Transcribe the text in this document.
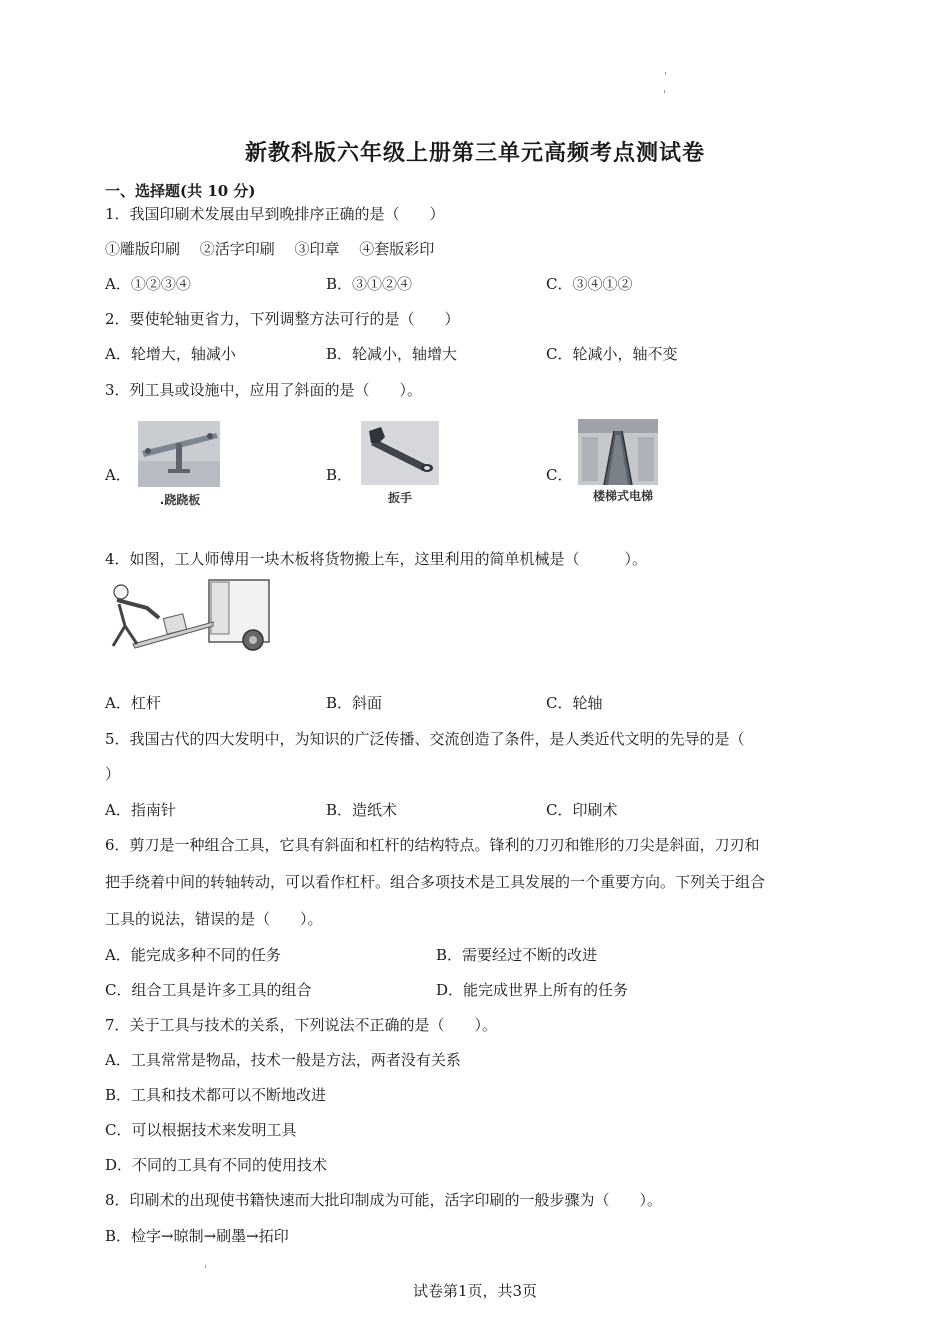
新教科版六年级上册第三单元高频考点测试卷
一、选择题(共 10 分)
1．我国印刷术发展由早到晚排序正确的是（　　）
①雕版印刷　 ②活字印刷　 ③印章　 ④套版彩印
A．①②③④	B．③①②④	C．③④①②
2．要使轮轴更省力，下列调整方法可行的是（　　）
A．轮增大，轴减小	B．轮减小，轴增大	C．轮减小，轴不变
3．列工具或设施中，应用了斜面的是（　　）。
A．
.跷跷板
B．
扳手
C．
楼梯式电梯
4．如图，工人师傅用一块木板将货物搬上车，这里利用的简单机械是（　　　）。
A．杠杆	B．斜面	C．轮轴
5．我国古代的四大发明中，为知识的广泛传播、交流创造了条件，是人类近代文明的先导的是（
）
A．指南针	B．造纸术	C．印刷术
6．剪刀是一种组合工具，它具有斜面和杠杆的结构特点。锋利的刀刃和锥形的刀尖是斜面，刀刃和
把手绕着中间的转轴转动，可以看作杠杆。组合多项技术是工具发展的一个重要方向。下列关于组合
工具的说法，错误的是（　　）。
A．能完成多种不同的任务	B．需要经过不断的改进
C．组合工具是许多工具的组合	D．能完成世界上所有的任务
7．关于工具与技术的关系，下列说法不正确的是（　　）。
A．工具常常是物品，技术一般是方法，两者没有关系
B．工具和技术都可以不断地改进
C．可以根据技术来发明工具
D．不同的工具有不同的使用技术
8．印刷术的出现使书籍快速而大批印制成为可能，活字印刷的一般步骤为（　　）。
B．检字→晾制→刷墨→拓印
试卷第1页，共3页
